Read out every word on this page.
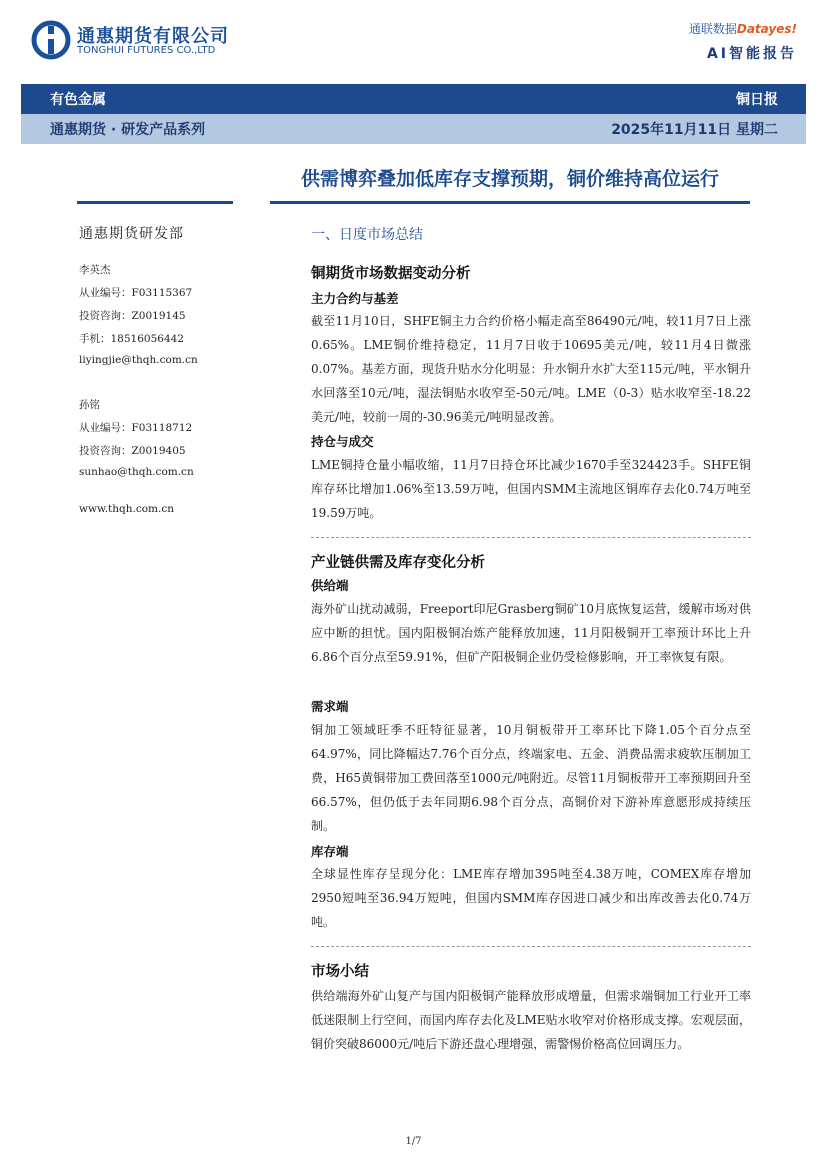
通惠期货有限公司
TONGHUI FUTURES CO.,LTD
通联数据Datayes!
AI智能报告
有色金属	铜日报
通惠期货 · 研发产品系列	2025年11月11日 星期二
供需博弈叠加低库存支撑预期，铜价维持高位运行
通惠期货研发部
李英杰
从业编号：F03115367
投资咨询：Z0019145
手机：18516056442
liyingjie@thqh.com.cn
孙铭
从业编号：F03118712
投资咨询：Z0019405
sunhao@thqh.com.cn
www.thqh.com.cn
一、日度市场总结
铜期货市场数据变动分析
主力合约与基差
截至11月10日，SHFE铜主力合约价格小幅走高至86490元/吨，较11月7日上涨0.65%。LME铜价维持稳定，11月7日收于10695美元/吨，较11月4日微涨0.07%。基差方面，现货升贴水分化明显：升水铜升水扩大至115元/吨，平水铜升水回落至10元/吨，湿法铜贴水收窄至-50元/吨。LME（0-3）贴水收窄至-18.22美元/吨，较前一周的-30.96美元/吨明显改善。
持仓与成交
LME铜持仓量小幅收缩，11月7日持仓环比减少1670手至324423手。SHFE铜库存环比增加1.06%至13.59万吨，但国内SMM主流地区铜库存去化0.74万吨至19.59万吨。
产业链供需及库存变化分析
供给端
海外矿山扰动减弱，Freeport印尼Grasberg铜矿10月底恢复运营，缓解市场对供应中断的担忧。国内阳极铜冶炼产能释放加速，11月阳极铜开工率预计环比上升6.86个百分点至59.91%，但矿产阳极铜企业仍受检修影响，开工率恢复有限。
需求端
铜加工领域旺季不旺特征显著，10月铜板带开工率环比下降1.05个百分点至64.97%，同比降幅达7.76个百分点，终端家电、五金、消费品需求疲软压制加工费，H65黄铜带加工费回落至1000元/吨附近。尽管11月铜板带开工率预期回升至66.57%，但仍低于去年同期6.98个百分点，高铜价对下游补库意愿形成持续压制。
库存端
全球显性库存呈现分化：LME库存增加395吨至4.38万吨，COMEX库存增加2950短吨至36.94万短吨，但国内SMM库存因进口减少和出库改善去化0.74万吨。
市场小结
供给端海外矿山复产与国内阳极铜产能释放形成增量，但需求端铜加工行业开工率低迷限制上行空间，而国内库存去化及LME贴水收窄对价格形成支撑。宏观层面，铜价突破86000元/吨后下游还盘心理增强，需警惕价格高位回调压力。
1/7
